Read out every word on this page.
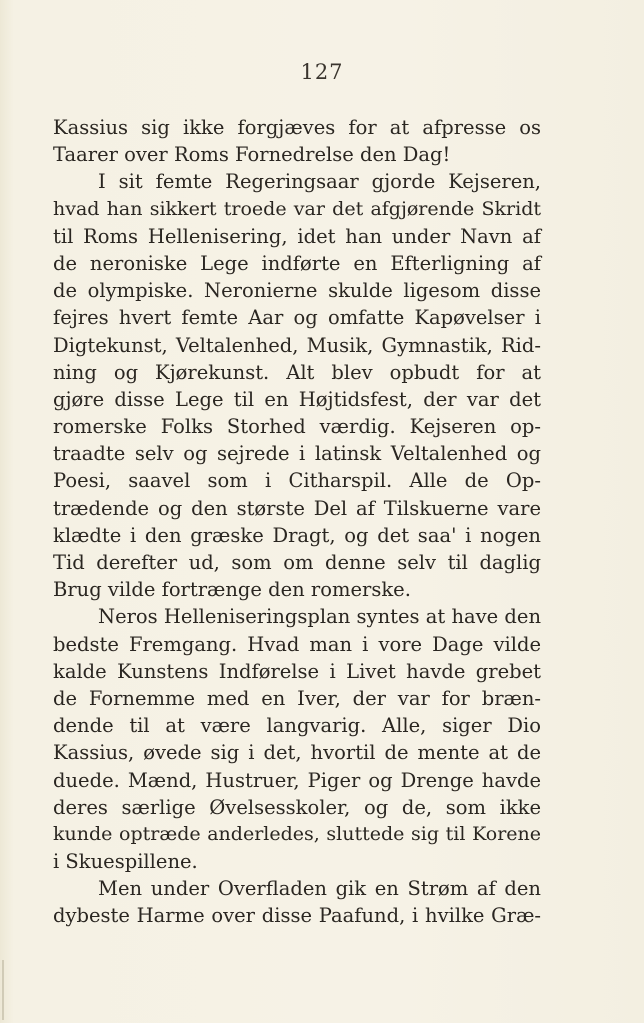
127
Kassius sig ikke forgjæves for at afpresse os
Taarer over Roms Fornedrelse den Dag!
I sit femte Regeringsaar gjorde Kejseren,
hvad han sikkert troede var det afgjørende Skridt
til Roms Hellenisering, idet han under Navn af
de neroniske Lege indførte en Efterligning af
de olympiske. Neronierne skulde ligesom disse
fejres hvert femte Aar og omfatte Kapøvelser i
Digtekunst, Veltalenhed, Musik, Gymnastik, Rid-
ning og Kjørekunst. Alt blev opbudt for at
gjøre disse Lege til en Højtidsfest, der var det
romerske Folks Storhed værdig. Kejseren op-
traadte selv og sejrede i latinsk Veltalenhed og
Poesi, saavel som i Citharspil. Alle de Op-
trædende og den største Del af Tilskuerne vare
klædte i den græske Dragt, og det saa' i nogen
Tid derefter ud, som om denne selv til daglig
Brug vilde fortrænge den romerske.
Neros Helleniseringsplan syntes at have den
bedste Fremgang. Hvad man i vore Dage vilde
kalde Kunstens Indførelse i Livet havde grebet
de Fornemme med en Iver, der var for bræn-
dende til at være langvarig. Alle, siger Dio
Kassius, øvede sig i det, hvortil de mente at de
duede. Mænd, Hustruer, Piger og Drenge havde
deres særlige Øvelsesskoler, og de, som ikke
kunde optræde anderledes, sluttede sig til Korene
i Skuespillene.
Men under Overfladen gik en Strøm af den
dybeste Harme over disse Paafund, i hvilke Græ-
